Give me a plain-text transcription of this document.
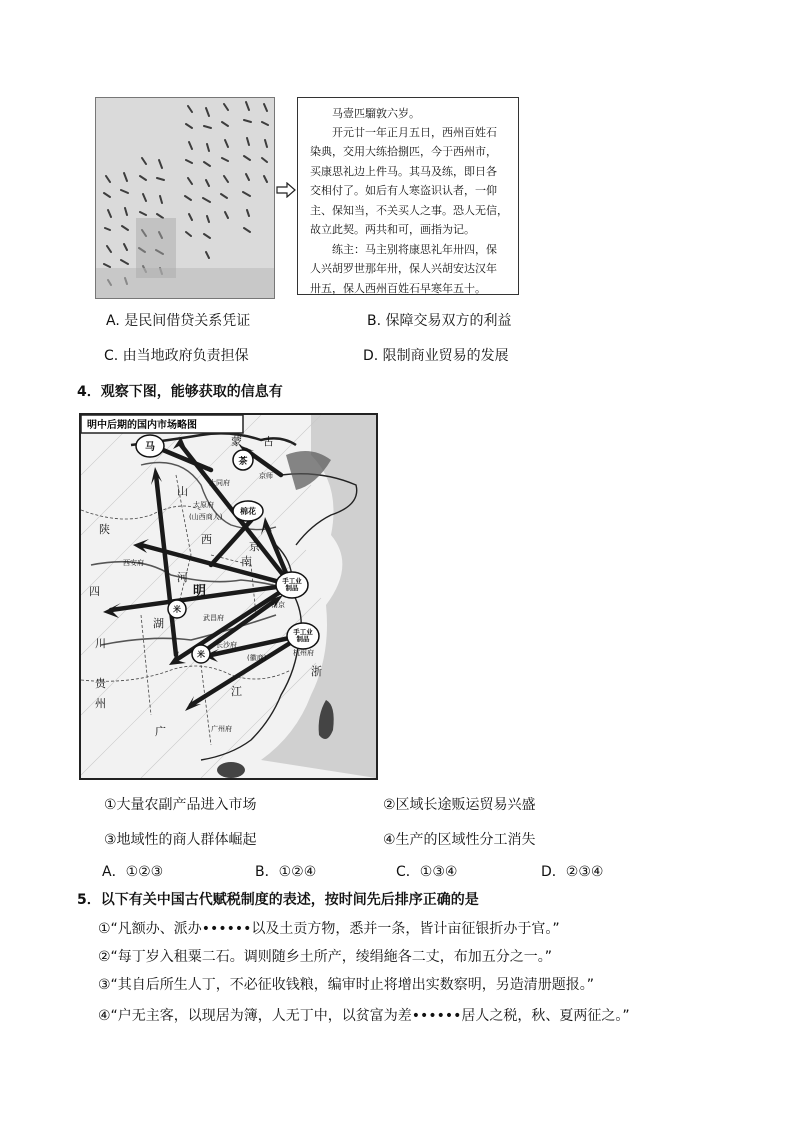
马壹匹騮敦六岁。

开元廿一年正月五日，西州百姓石

染典，交用大练拾捌匹，今于西州市，

买康思礼边上件马。其马及练，即日各

交相付了。如后有人寒盗识认者，一仰

主、保知当，不关买人之事。恐人无信，

故立此契。两共和可，画指为记。

练主：马主别将康思礼年卅四，保

人兴胡罗世那年卅，保人兴胡安达汉年

卅五，保人西州百姓石早寒年五十。

A. 是民间借贷关系凭证	B. 保障交易双方的利益
C. 由当地政府负责担保	D. 限制商业贸易的发展
4．观察下图，能够获取的信息有
明中后期的国内市场略图
马
茶
棉花
手工业制品
手工业制品
米
米
太原府
(山西商人)
西安府
大同府
京师
南京
杭州府
(徽商)
武昌府
长沙府
广州府
陕
山
西
河
四
湖
川
明
贵
州
广
江
浙
京
南
蒙 古
①大量农副产品进入市场	②区域长途贩运贸易兴盛
③地域性的商人群体崛起	④生产的区域性分工消失
A．①②③	B．①②④	C．①③④	D．②③④
5．以下有关中国古代赋税制度的表述，按时间先后排序正确的是
①“凡额办、派办••••••以及土贡方物，悉并一条，皆计亩征银折办于官。”
②“每丁岁入租粟二石。调则随乡土所产，绫绢絁各二丈，布加五分之一。”
③“其自后所生人丁，不必征收钱粮，编审时止将增出实数察明，另造清册题报。”
④“户无主客，以现居为簿，人无丁中，以贫富为差••••••居人之税，秋、夏两征之。”
